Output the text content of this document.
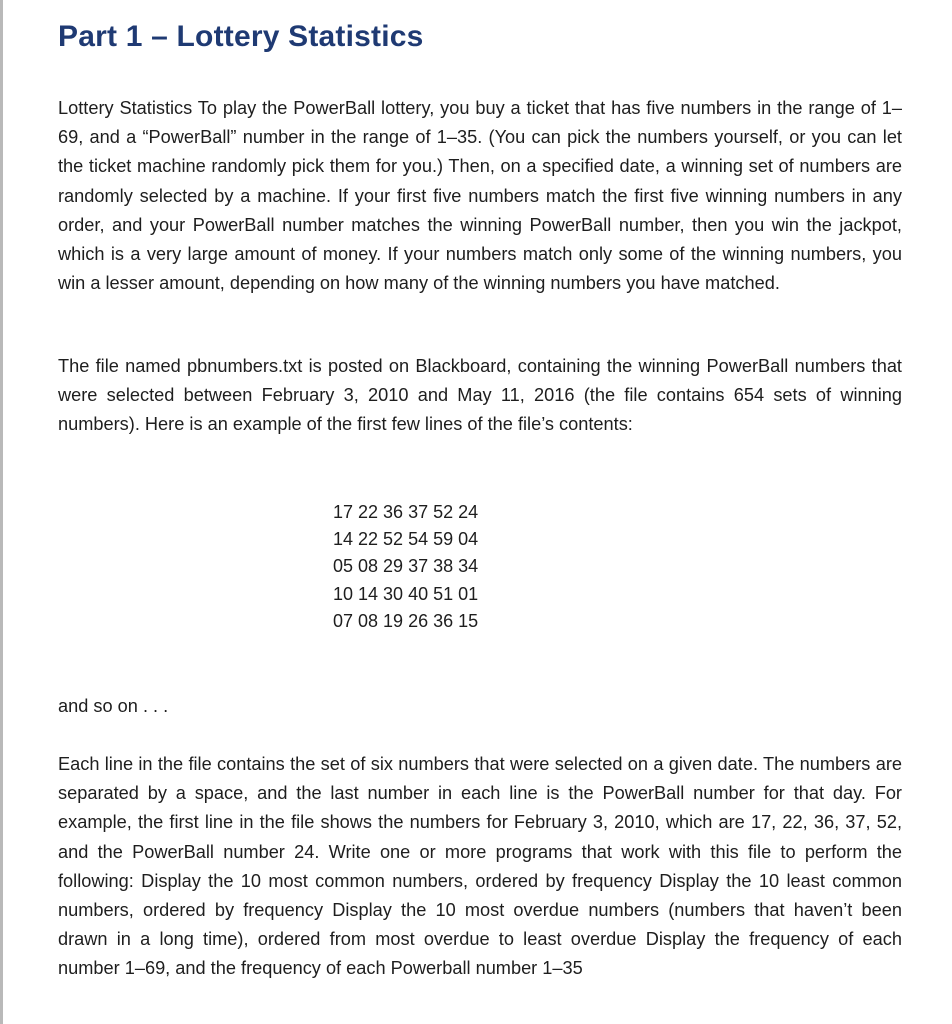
Part 1 – Lottery Statistics

Lottery Statistics To play the PowerBall lottery, you buy a ticket that has five numbers in the range of 1–69, and a “PowerBall” number in the range of 1–35. (You can pick the numbers yourself, or you can let the ticket machine randomly pick them for you.) Then, on a specified date, a winning set of numbers are randomly selected by a machine. If your first five numbers match the first five winning numbers in any order, and your PowerBall number matches the winning PowerBall number, then you win the jackpot, which is a very large amount of money. If your numbers match only some of the winning numbers, you win a lesser amount, depending on how many of the winning numbers you have matched.

The file named pbnumbers.txt is posted on Blackboard, containing the winning PowerBall numbers that were selected between February 3, 2010 and May 11, 2016 (the file contains 654 sets of winning numbers). Here is an example of the first few lines of the file’s contents:

17 22 36 37 52 24
14 22 52 54 59 04
05 08 29 37 38 34
10 14 30 40 51 01
07 08 19 26 36 15

and so on . . .

Each line in the file contains the set of six numbers that were selected on a given date. The numbers are separated by a space, and the last number in each line is the PowerBall number for that day. For example, the first line in the file shows the numbers for February 3, 2010, which are 17, 22, 36, 37, 52, and the PowerBall number 24. Write one or more programs that work with this file to perform the following: Display the 10 most common numbers, ordered by frequency Display the 10 least common numbers, ordered by frequency Display the 10 most overdue numbers (numbers that haven’t been drawn in a long time), ordered from most overdue to least overdue Display the frequency of each number 1–69, and the frequency of each Powerball number 1–35
